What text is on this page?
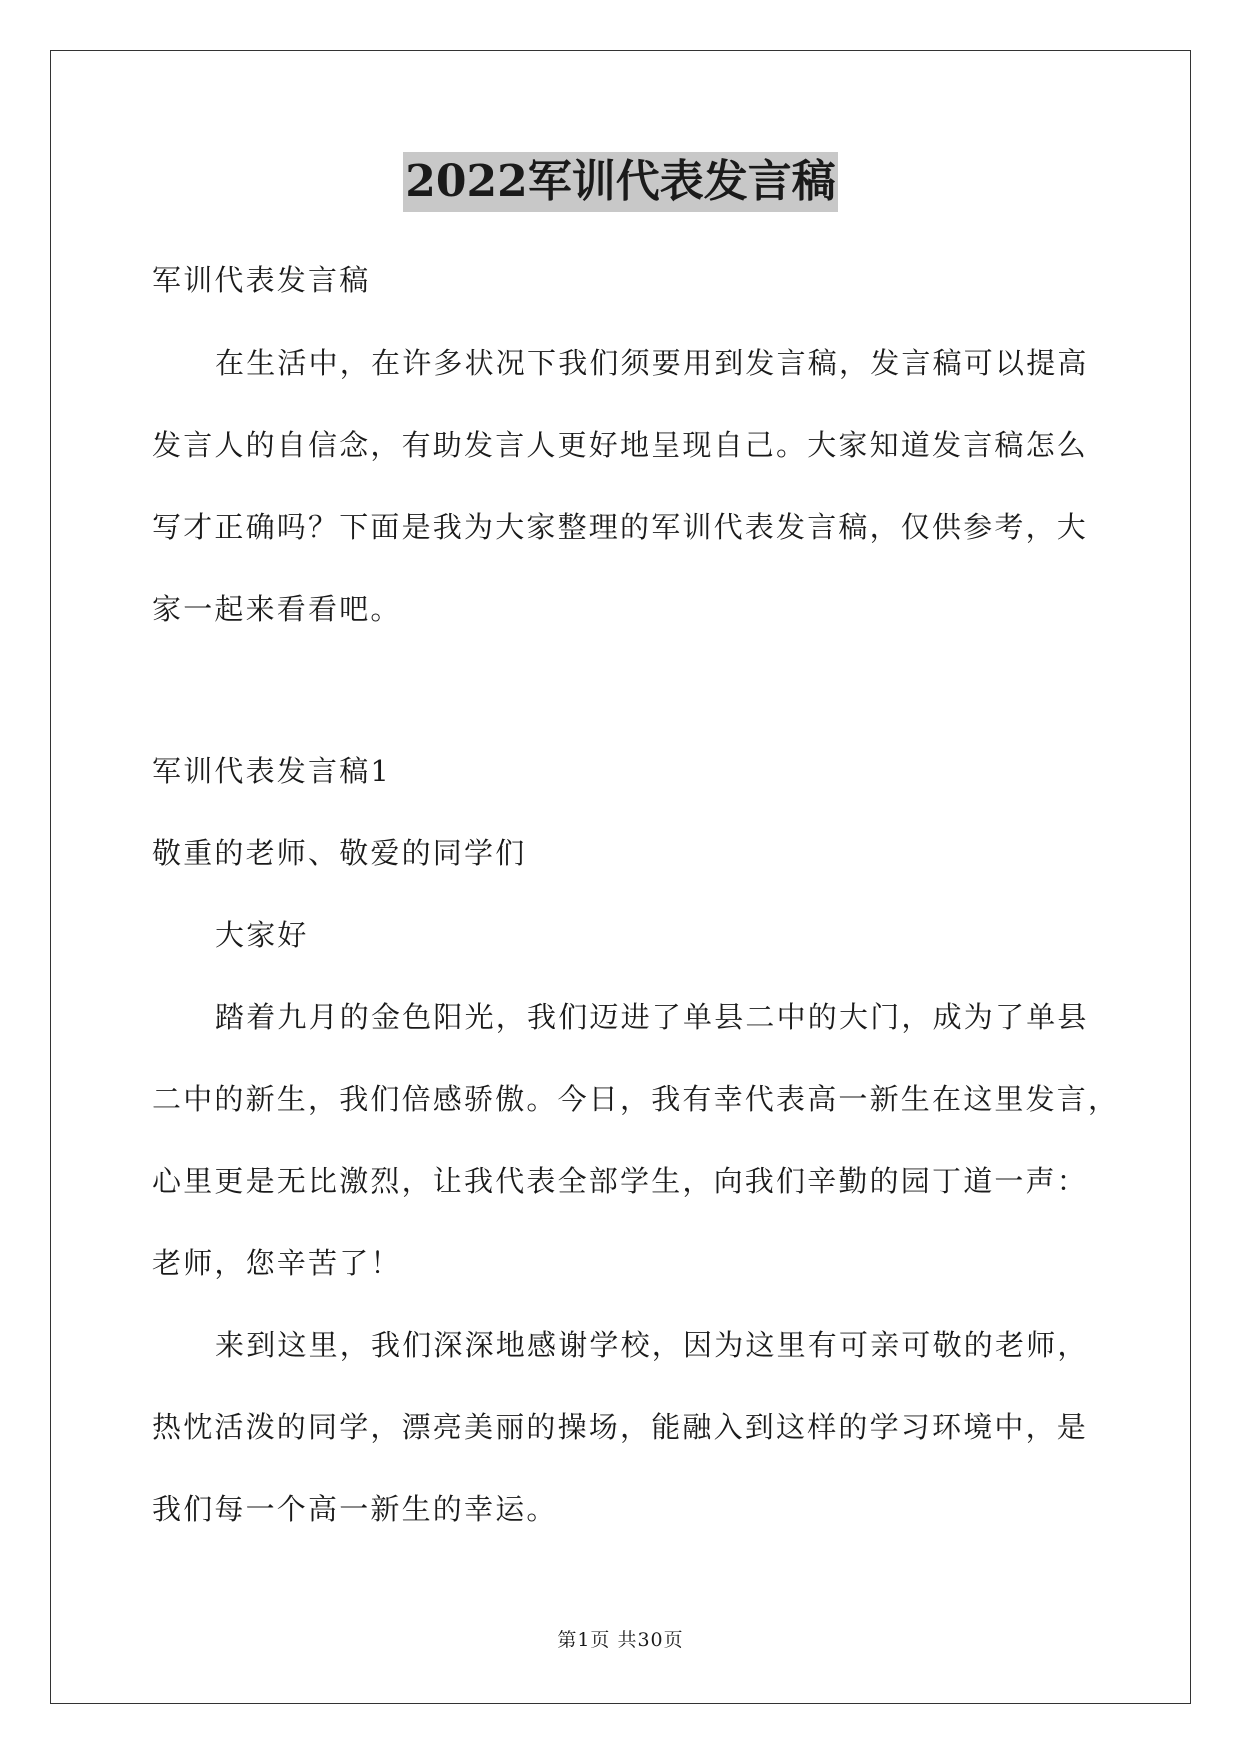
2022军训代表发言稿
军训代表发言稿
在生活中，在许多状况下我们须要用到发言稿，发言稿可以提高
发言人的自信念，有助发言人更好地呈现自己。大家知道发言稿怎么
写才正确吗？下面是我为大家整理的军训代表发言稿，仅供参考，大
家一起来看看吧。
军训代表发言稿1
敬重的老师、敬爱的同学们
大家好
踏着九月的金色阳光，我们迈进了单县二中的大门，成为了单县
二中的新生，我们倍感骄傲。今日，我有幸代表高一新生在这里发言，
心里更是无比激烈，让我代表全部学生，向我们辛勤的园丁道一声：
老师，您辛苦了！
来到这里，我们深深地感谢学校，因为这里有可亲可敬的老师，
热忱活泼的同学，漂亮美丽的操场，能融入到这样的学习环境中，是
我们每一个高一新生的幸运。
第1页 共30页
